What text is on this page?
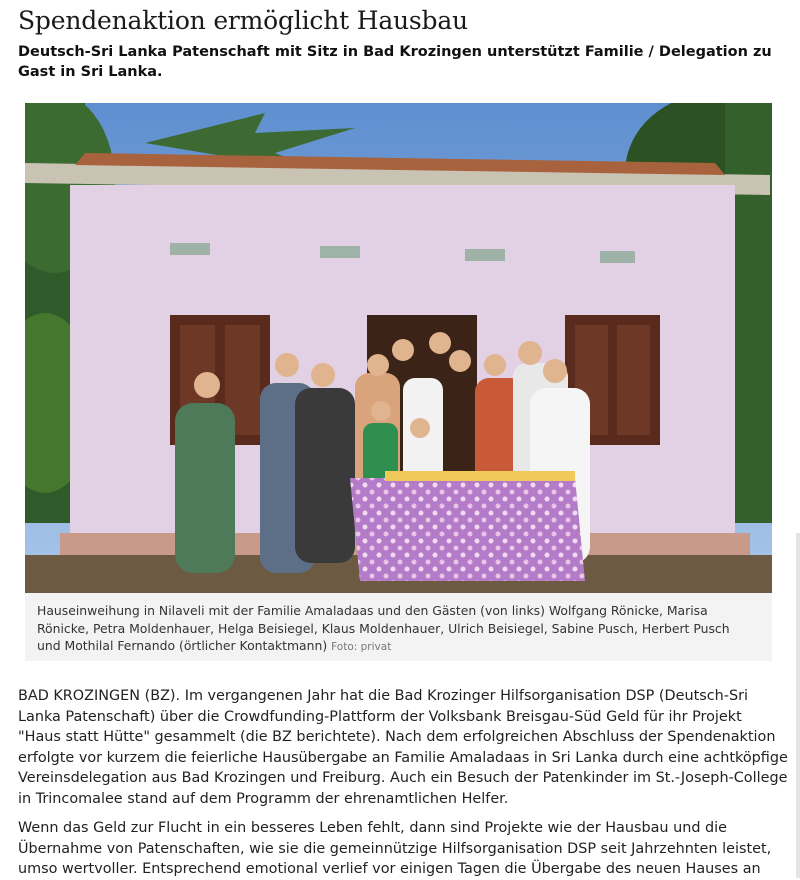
Spendenaktion ermöglicht Hausbau

Deutsch-Sri Lanka Patenschaft mit Sitz in Bad Krozingen unterstützt Familie / Delegation zu Gast in Sri Lanka.

Hauseinweihung in Nilaveli mit der Familie Amaladaas und den Gästen (von links) Wolfgang Rönicke, Marisa Rönicke, Petra Moldenhauer, Helga Beisiegel, Klaus Moldenhauer, Ulrich Beisiegel, Sabine Pusch, Herbert Pusch und Mothilal Fernando (örtlicher Kontaktmann) Foto: privat

BAD KROZINGEN (BZ). Im vergangenen Jahr hat die Bad Krozinger Hilfsorganisation DSP (Deutsch-Sri Lanka Patenschaft) über die Crowdfunding-Plattform der Volksbank Breisgau-Süd Geld für ihr Projekt "Haus statt Hütte" gesammelt (die BZ berichtete). Nach dem erfolgreichen Abschluss der Spendenaktion erfolgte vor kurzem die feierliche Hausübergabe an Familie Amaladaas in Sri Lanka durch eine achtköpfige Vereinsdelegation aus Bad Krozingen und Freiburg. Auch ein Besuch der Patenkinder im St.-Joseph-College in Trincomalee stand auf dem Programm der ehrenamtlichen Helfer.

Wenn das Geld zur Flucht in ein besseres Leben fehlt, dann sind Projekte wie der Hausbau und die Übernahme von Patenschaften, wie sie die gemeinnützige Hilfsorganisation DSP seit Jahrzehnten leistet, umso wertvoller. Entsprechend emotional verlief vor einigen Tagen die Übergabe des neuen Hauses an
